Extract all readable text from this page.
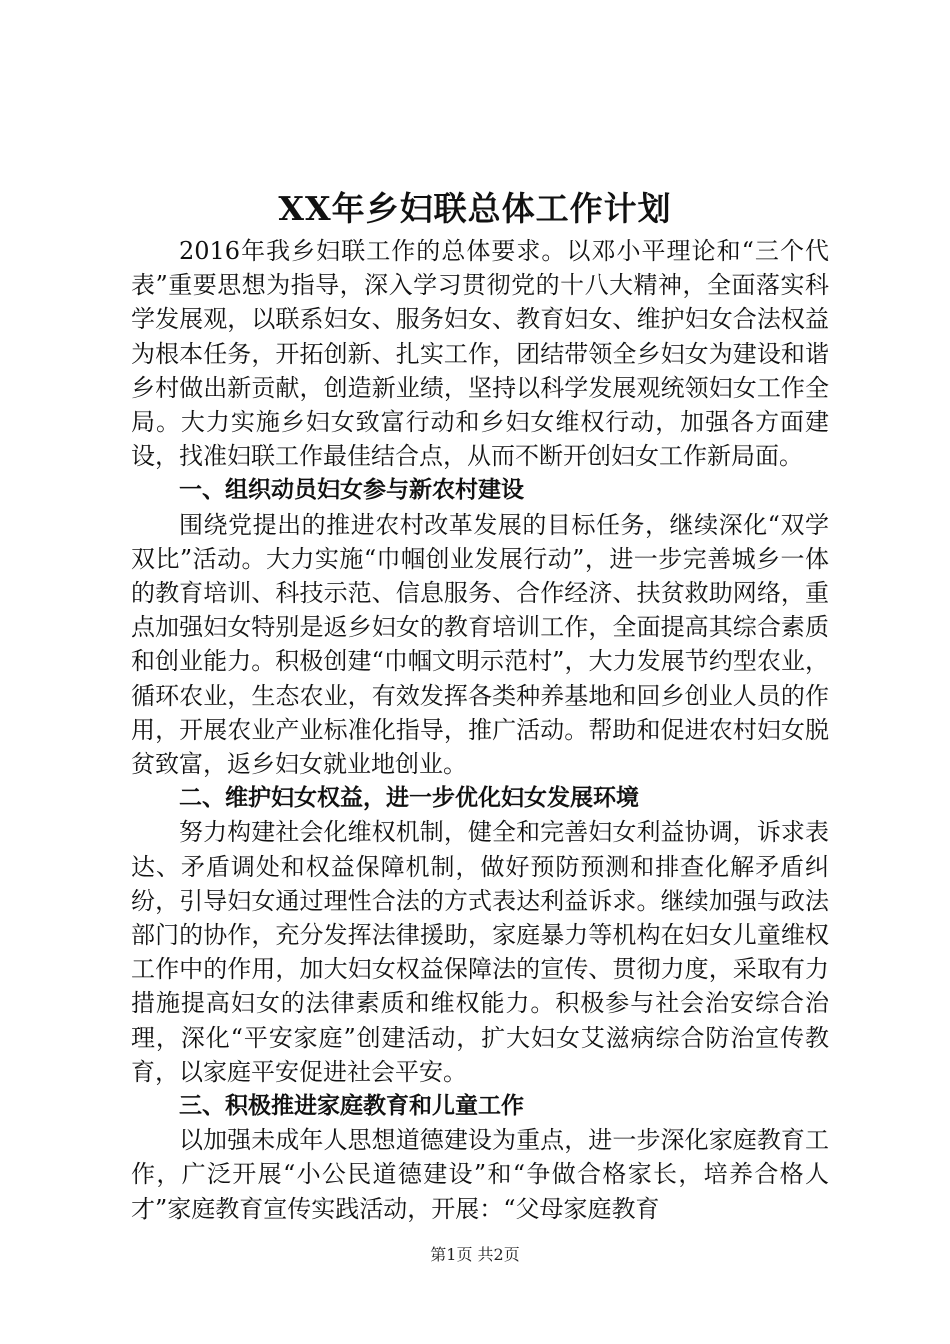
XX年乡妇联总体工作计划

2016年我乡妇联工作的总体要求。以邓小平理论和“三个代表”重要思想为指导，深入学习贯彻党的十八大精神，全面落实科学发展观，以联系妇女、服务妇女、教育妇女、维护妇女合法权益为根本任务，开拓创新、扎实工作，团结带领全乡妇女为建设和谐乡村做出新贡献，创造新业绩，坚持以科学发展观统领妇女工作全局。大力实施乡妇女致富行动和乡妇女维权行动，加强各方面建设，找准妇联工作最佳结合点，从而不断开创妇女工作新局面。

一、组织动员妇女参与新农村建设

围绕党提出的推进农村改革发展的目标任务，继续深化“双学双比”活动。大力实施“巾帼创业发展行动”，进一步完善城乡一体的教育培训、科技示范、信息服务、合作经济、扶贫救助网络，重点加强妇女特别是返乡妇女的教育培训工作，全面提高其综合素质和创业能力。积极创建“巾帼文明示范村”，大力发展节约型农业，循环农业，生态农业，有效发挥各类种养基地和回乡创业人员的作用，开展农业产业标准化指导，推广活动。帮助和促进农村妇女脱贫致富，返乡妇女就业地创业。

二、维护妇女权益，进一步优化妇女发展环境

努力构建社会化维权机制，健全和完善妇女利益协调，诉求表达、矛盾调处和权益保障机制，做好预防预测和排查化解矛盾纠纷，引导妇女通过理性合法的方式表达利益诉求。继续加强与政法部门的协作，充分发挥法律援助，家庭暴力等机构在妇女儿童维权工作中的作用，加大妇女权益保障法的宣传、贯彻力度，采取有力措施提高妇女的法律素质和维权能力。积极参与社会治安综合治理，深化“平安家庭”创建活动，扩大妇女艾滋病综合防治宣传教育，以家庭平安促进社会平安。

三、积极推进家庭教育和儿童工作

以加强未成年人思想道德建设为重点，进一步深化家庭教育工作，广泛开展“小公民道德建设”和“争做合格家长，培养合格人才”家庭教育宣传实践活动，开展：“父母家庭教育

第1页 共2页
